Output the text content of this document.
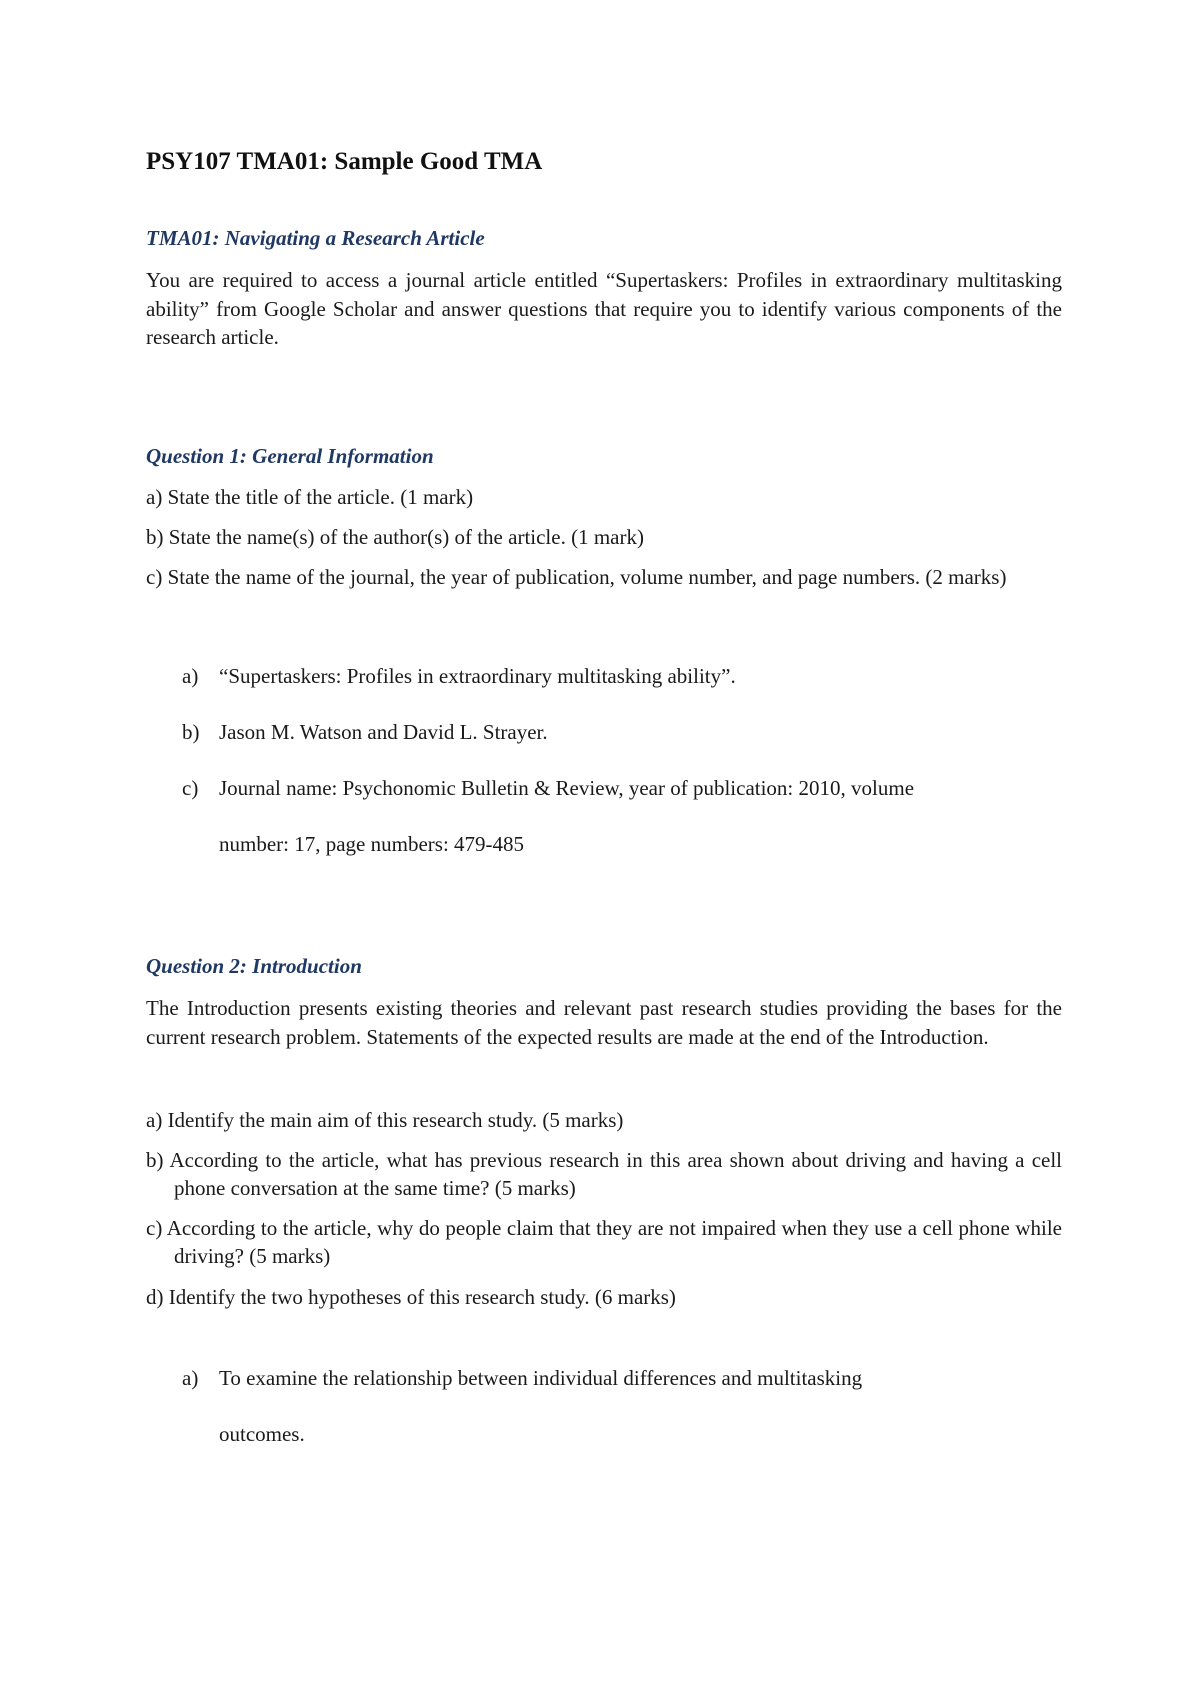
PSY107 TMA01: Sample Good TMA
TMA01: Navigating a Research Article
You are required to access a journal article entitled “Supertaskers: Profiles in extraordinary multitasking ability” from Google Scholar and answer questions that require you to identify various components of the research article.
Question 1: General Information
a) State the title of the article. (1 mark)
b) State the name(s) of the author(s) of the article. (1 mark)
c) State the name of the journal, the year of publication, volume number, and page numbers. (2 marks)
a) “Supertaskers: Profiles in extraordinary multitasking ability”.
b) Jason M. Watson and David L. Strayer.
c) Journal name: Psychonomic Bulletin & Review, year of publication: 2010, volume
number: 17, page numbers: 479-485
Question 2: Introduction
The Introduction presents existing theories and relevant past research studies providing the bases for the current research problem. Statements of the expected results are made at the end of the Introduction.
a) Identify the main aim of this research study. (5 marks)
b) According to the article, what has previous research in this area shown about driving and having a cell phone conversation at the same time? (5 marks)
c) According to the article, why do people claim that they are not impaired when they use a cell phone while driving? (5 marks)
d) Identify the two hypotheses of this research study. (6 marks)
a) To examine the relationship between individual differences and multitasking
outcomes.
